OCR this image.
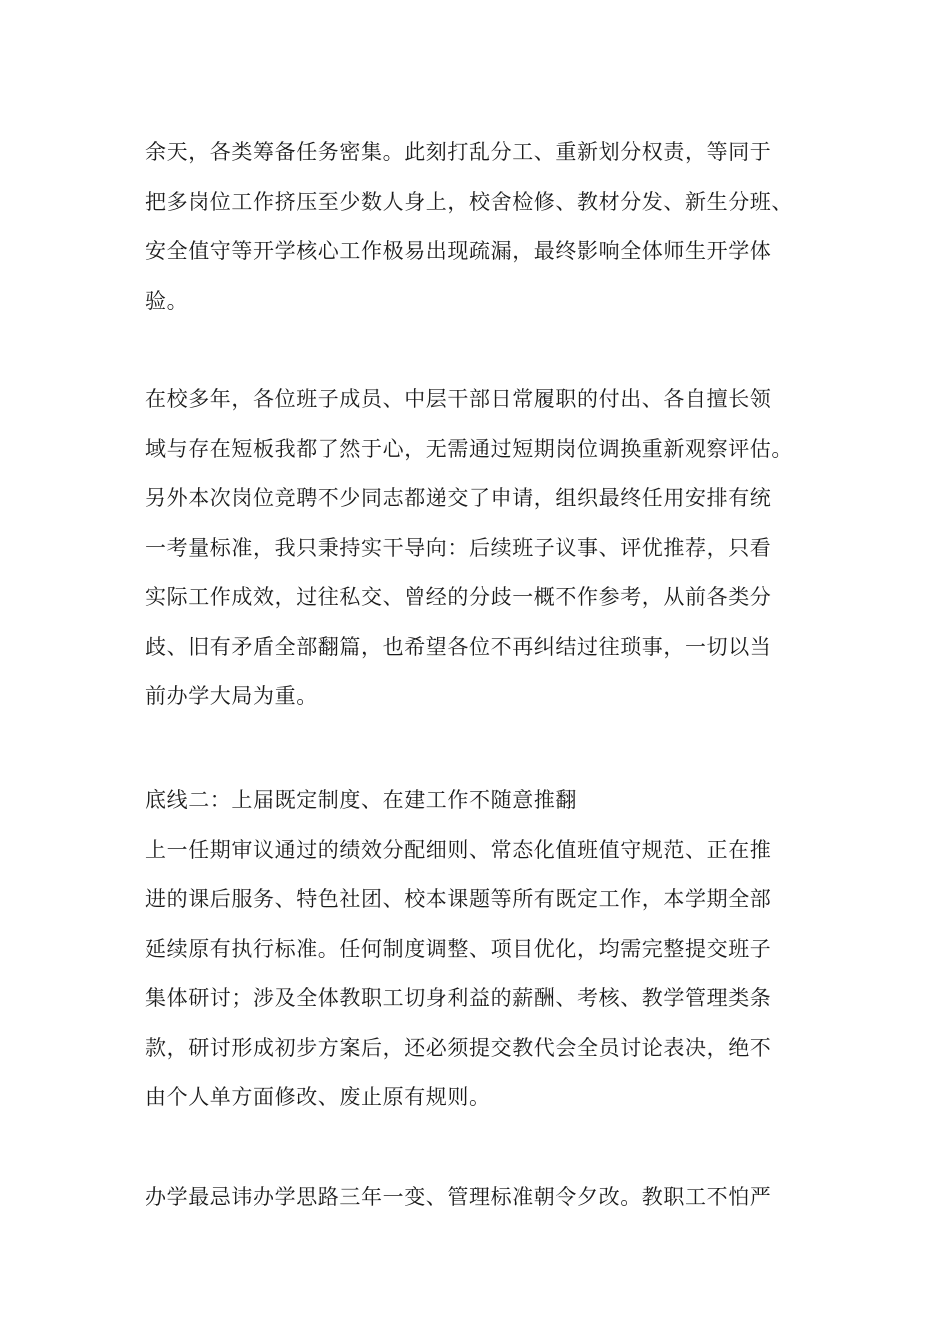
余天，各类筹备任务密集。此刻打乱分工、重新划分权责，等同于
把多岗位工作挤压至少数人身上，校舍检修、教材分发、新生分班、
安全值守等开学核心工作极易出现疏漏，最终影响全体师生开学体
验。
在校多年，各位班子成员、中层干部日常履职的付出、各自擅长领
域与存在短板我都了然于心，无需通过短期岗位调换重新观察评估。
另外本次岗位竞聘不少同志都递交了申请，组织最终任用安排有统
一考量标准，我只秉持实干导向：后续班子议事、评优推荐，只看
实际工作成效，过往私交、曾经的分歧一概不作参考，从前各类分
歧、旧有矛盾全部翻篇，也希望各位不再纠结过往琐事，一切以当
前办学大局为重。
底线二：上届既定制度、在建工作不随意推翻
上一任期审议通过的绩效分配细则、常态化值班值守规范、正在推
进的课后服务、特色社团、校本课题等所有既定工作，本学期全部
延续原有执行标准。任何制度调整、项目优化，均需完整提交班子
集体研讨；涉及全体教职工切身利益的薪酬、考核、教学管理类条
款，研讨形成初步方案后，还必须提交教代会全员讨论表决，绝不
由个人单方面修改、废止原有规则。
办学最忌讳办学思路三年一变、管理标准朝令夕改。教职工不怕严
